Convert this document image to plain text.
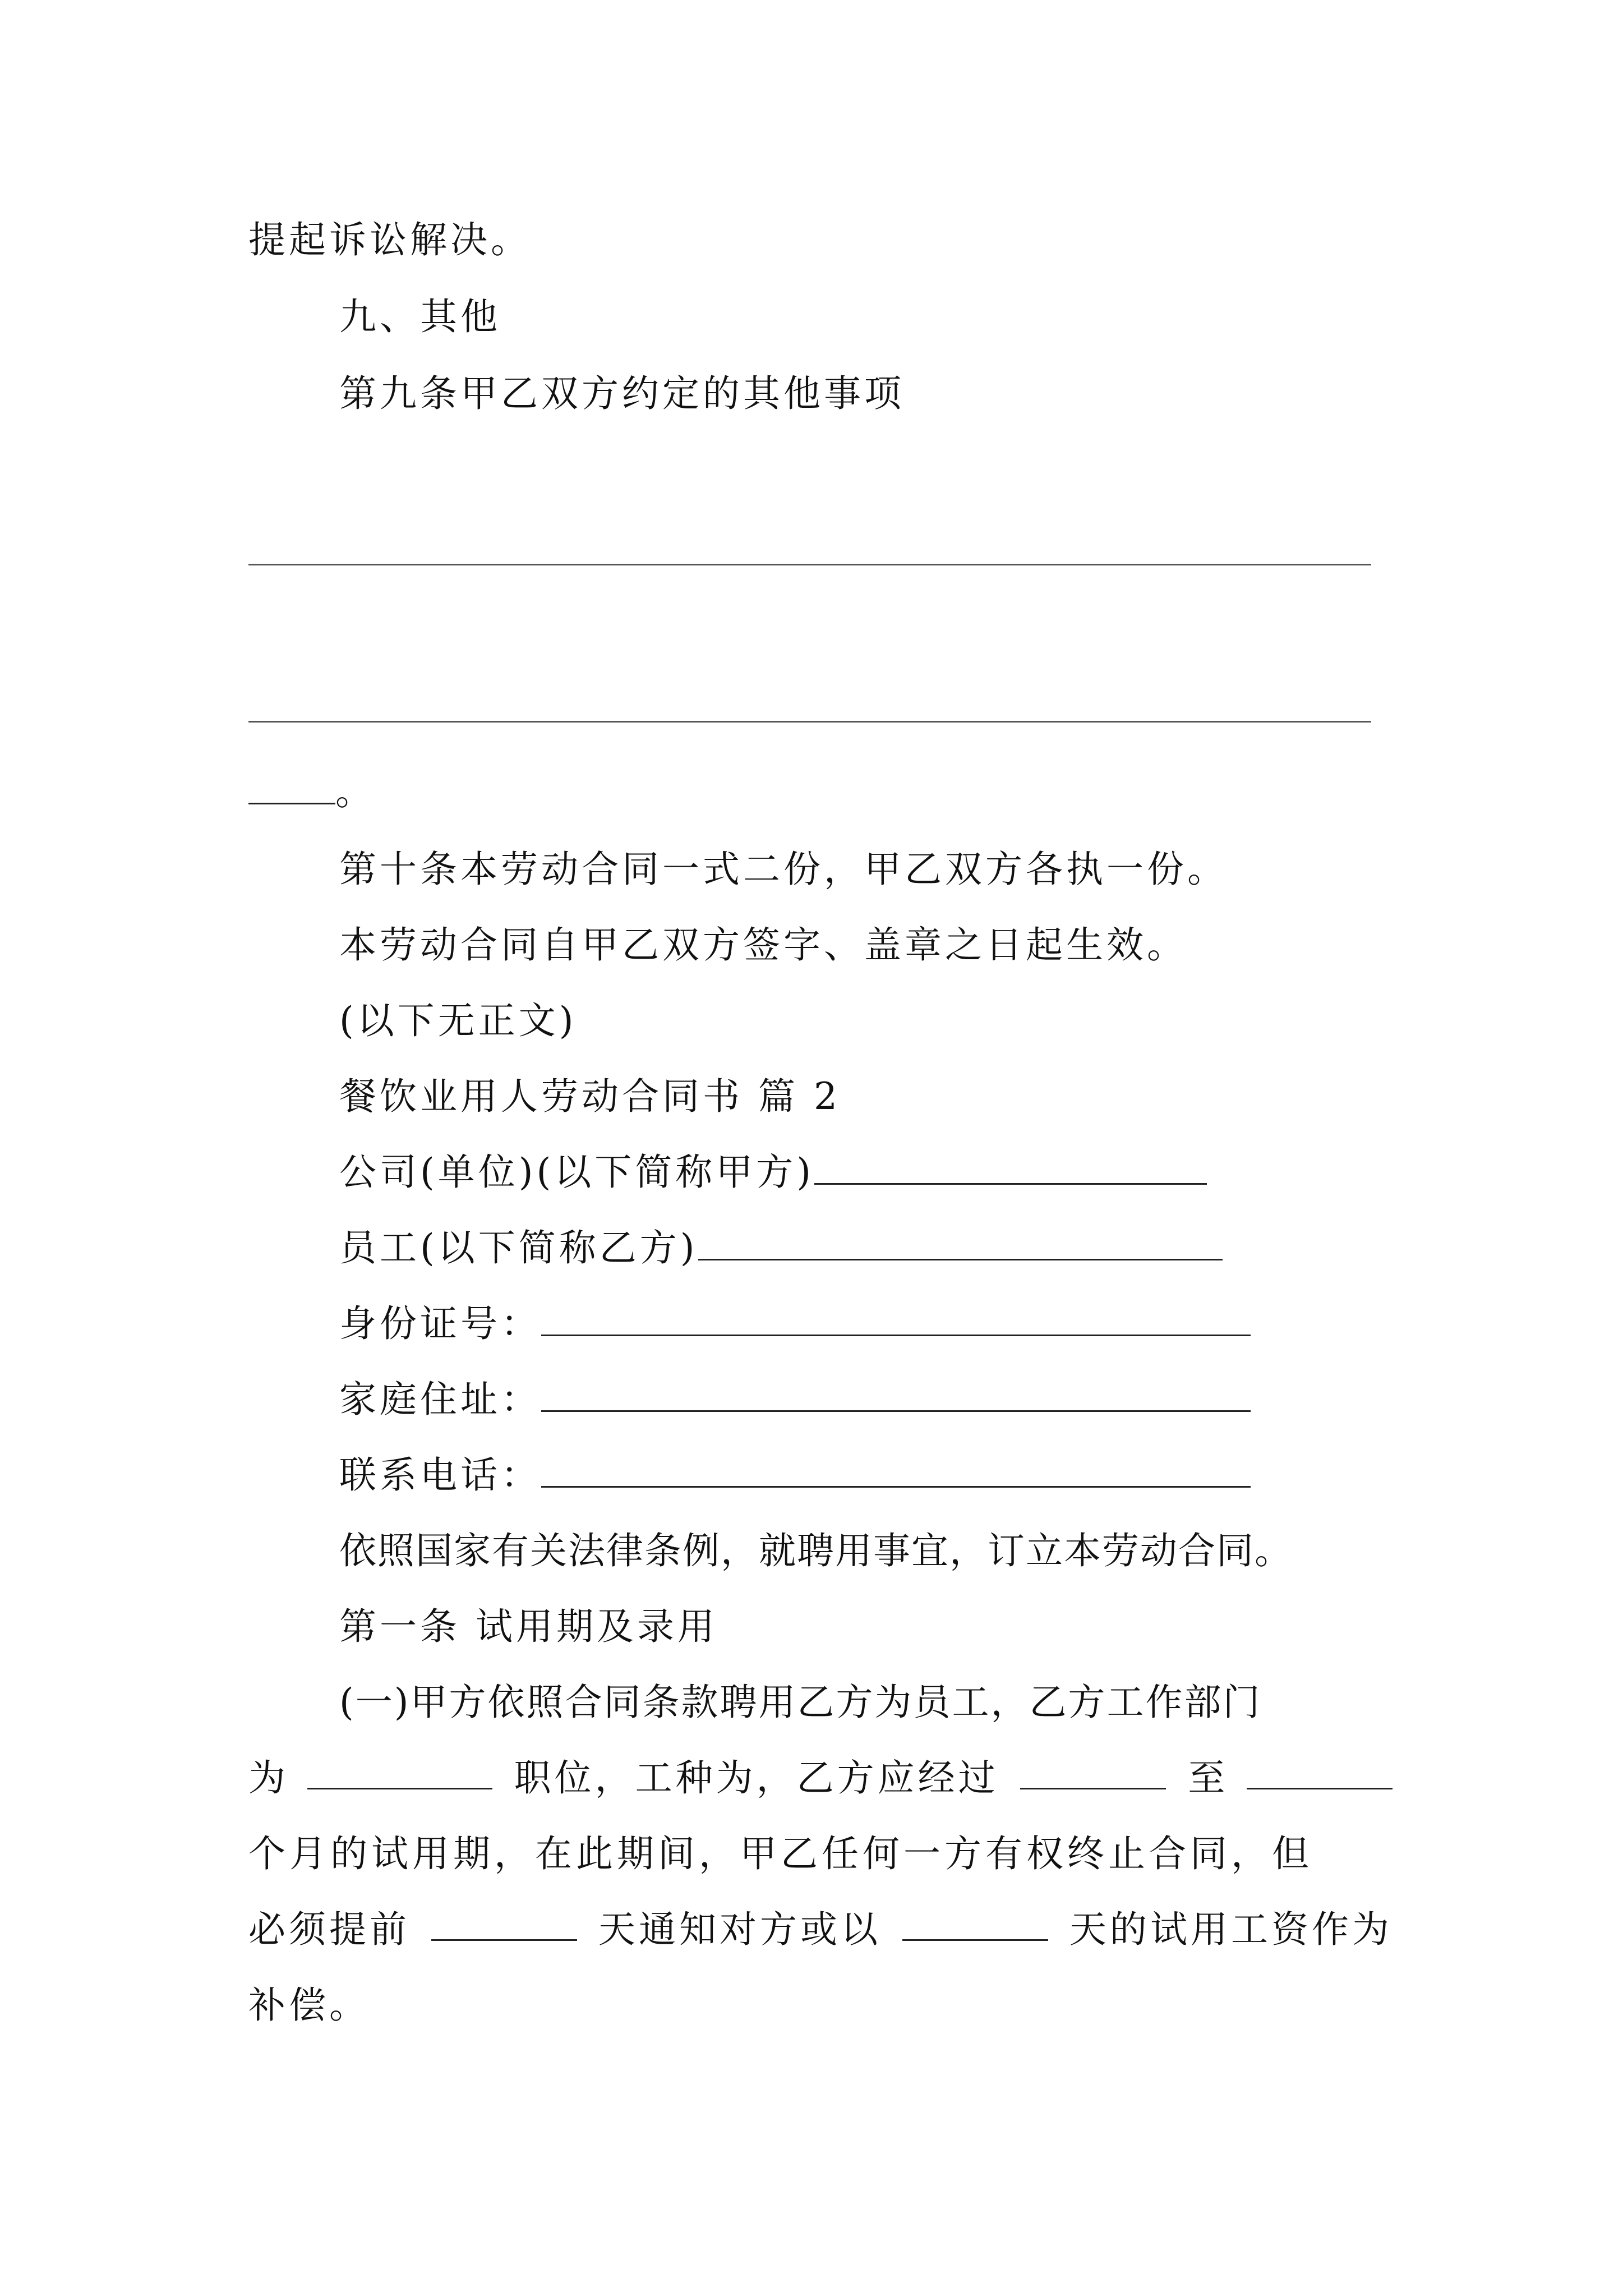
提起诉讼解决。
九、其他
第九条甲乙双方约定的其他事项
。
第十条本劳动合同一式二份，甲乙双方各执一份。
本劳动合同自甲乙双方签字、盖章之日起生效。
(以下无正文)
餐饮业用人劳动合同书 篇 2
公司(单位)(以下简称甲方)
员工(以下简称乙方)
身份证号：
家庭住址：
联系电话：
依照国家有关法律条例，就聘用事宜，订立本劳动合同。
第一条 试用期及录用
(一)甲方依照合同条款聘用乙方为员工，乙方工作部门
为	职位，工种为，乙方应经过	至
个月的试用期，在此期间，甲乙任何一方有权终止合同，但
必须提前	天通知对方或以	天的试用工资作为
补偿。
